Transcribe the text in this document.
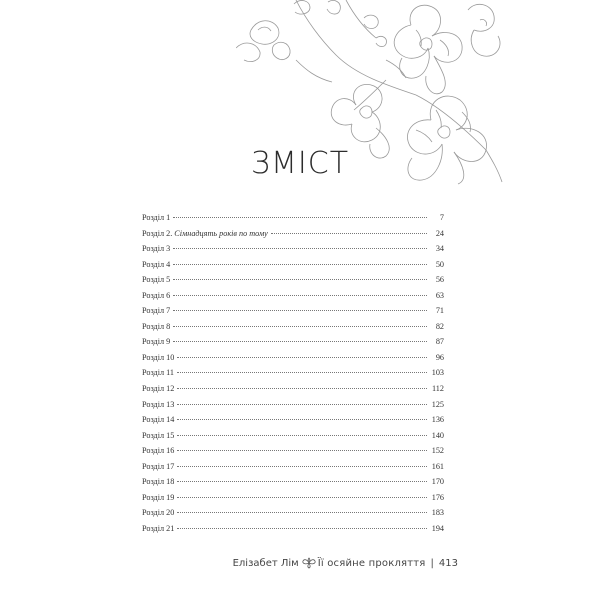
ЗМІСТ
Розділ 1	7
Розділ 2. Сімнадцять років по тому	24
Розділ 3	34
Розділ 4	50
Розділ 5	56
Розділ 6	63
Розділ 7	71
Розділ 8	82
Розділ 9	87
Розділ 10	96
Розділ 11	103
Розділ 12	112
Розділ 13	125
Розділ 14	136
Розділ 15	140
Розділ 16	152
Розділ 17	161
Розділ 18	170
Розділ 19	176
Розділ 20	183
Розділ 21	194
Елізабет Лім Її осяйне прокляття | 413
